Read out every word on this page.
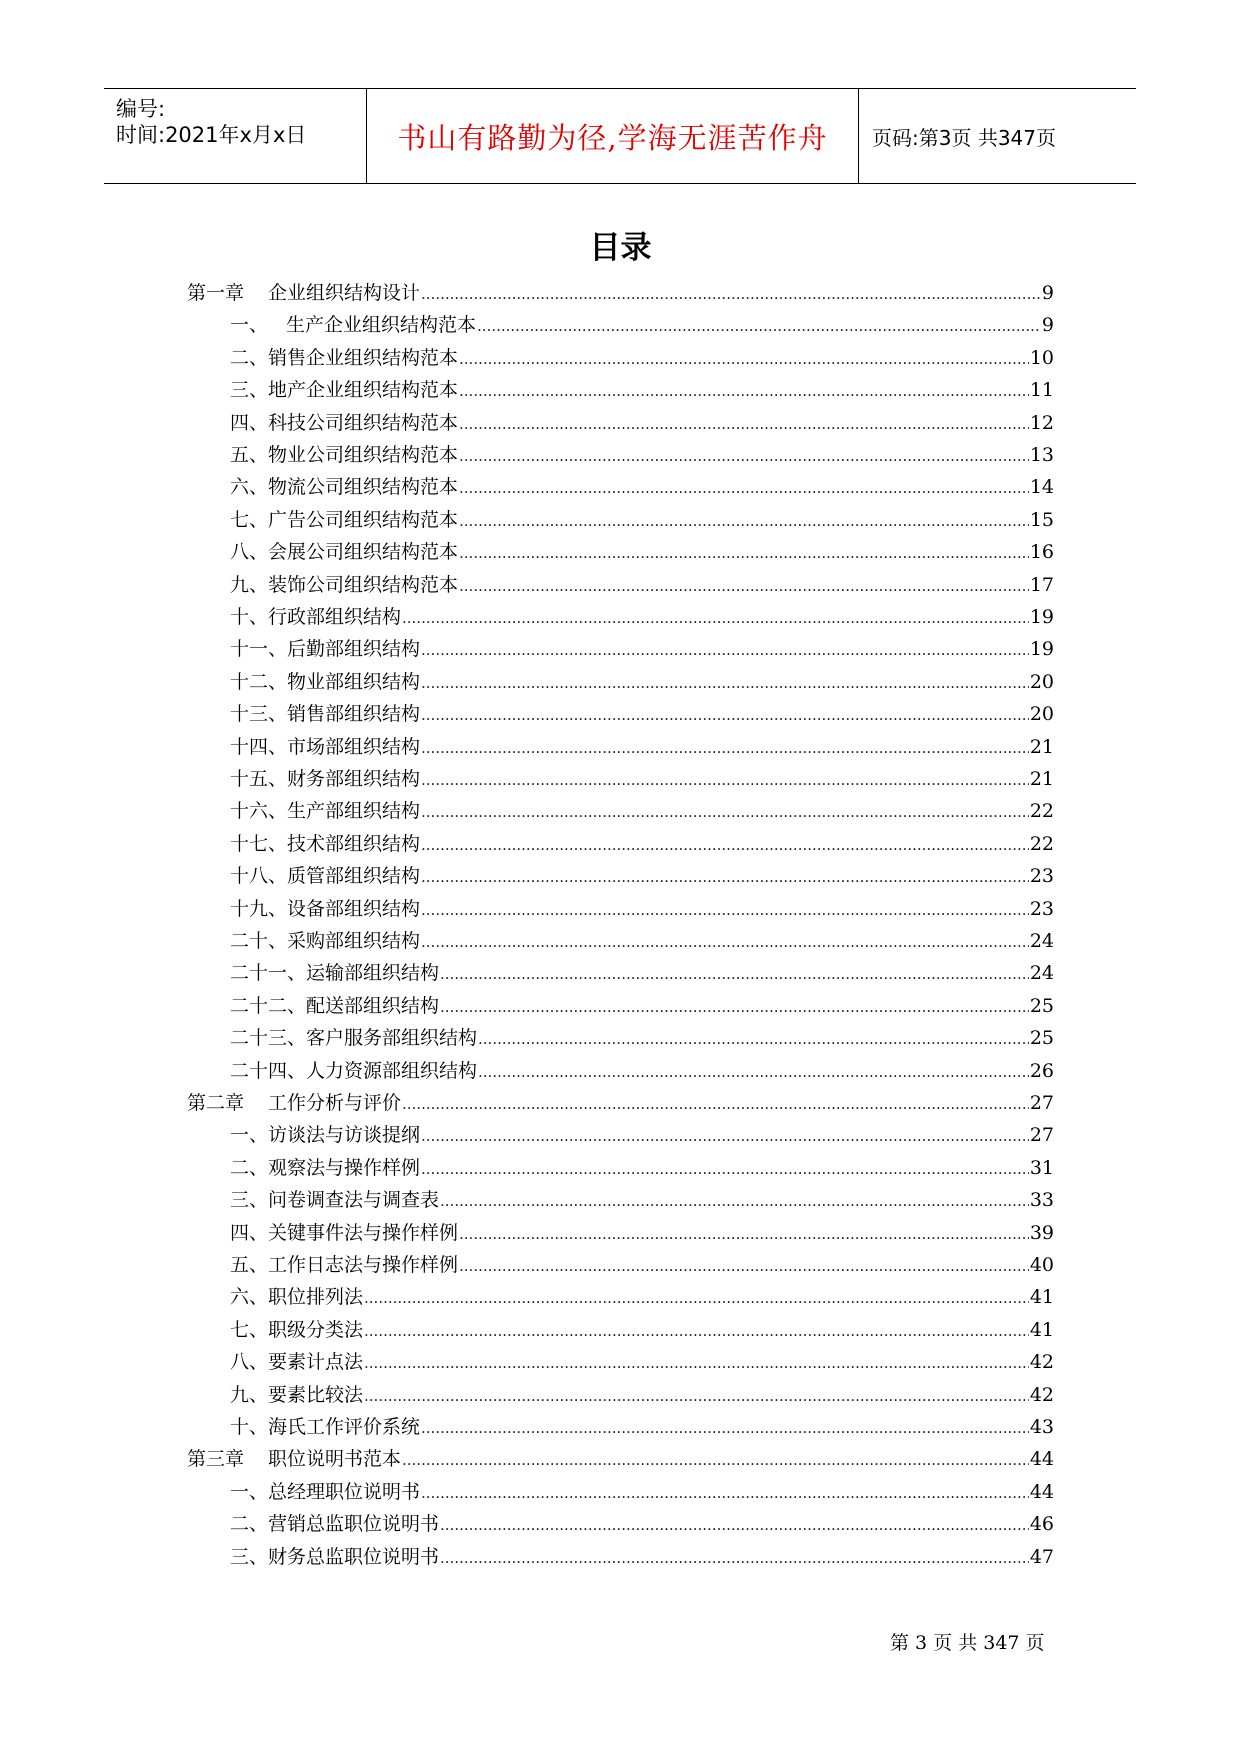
编号:
时间:2021年x月x日	书山有路勤为径,学海无涯苦作舟 页码:第3页 共347页
目录
第一章 企业组织结构设计 .....	9
一、 生产企业组织结构范本 .....	9
二、销售企业组织结构范本 .....	10
三、地产企业组织结构范本 .....	11
四、科技公司组织结构范本 .....	12
五、物业公司组织结构范本 .....	13
六、物流公司组织结构范本 .....	14
七、广告公司组织结构范本 .....	15
八、会展公司组织结构范本 .....	16
九、装饰公司组织结构范本 .....	17
十、行政部组织结构 .....	19
十一、后勤部组织结构 .....	19
十二、物业部组织结构 .....	20
十三、销售部组织结构 .....	20
十四、市场部组织结构 .....	21
十五、财务部组织结构 .....	21
十六、生产部组织结构 .....	22
十七、技术部组织结构 .....	22
十八、质管部组织结构 .....	23
十九、设备部组织结构 .....	23
二十、采购部组织结构 .....	24
二十一、运输部组织结构 .....	24
二十二、配送部组织结构 .....	25
二十三、客户服务部组织结构 .....	25
二十四、人力资源部组织结构 .....	26
第二章 工作分析与评价 .....	27
一、访谈法与访谈提纲 .....	27
二、观察法与操作样例 .....	31
三、问卷调查法与调查表 .....	33
四、关键事件法与操作样例 .....	39
五、工作日志法与操作样例 .....	40
六、职位排列法 .....	41
七、职级分类法 .....	41
八、要素计点法 .....	42
九、要素比较法 .....	42
十、海氏工作评价系统 .....	43
第三章 职位说明书范本 .....	44
一、总经理职位说明书 .....	44
二、营销总监职位说明书 .....	46
三、财务总监职位说明书 .....	47
第 3 页 共 347 页
